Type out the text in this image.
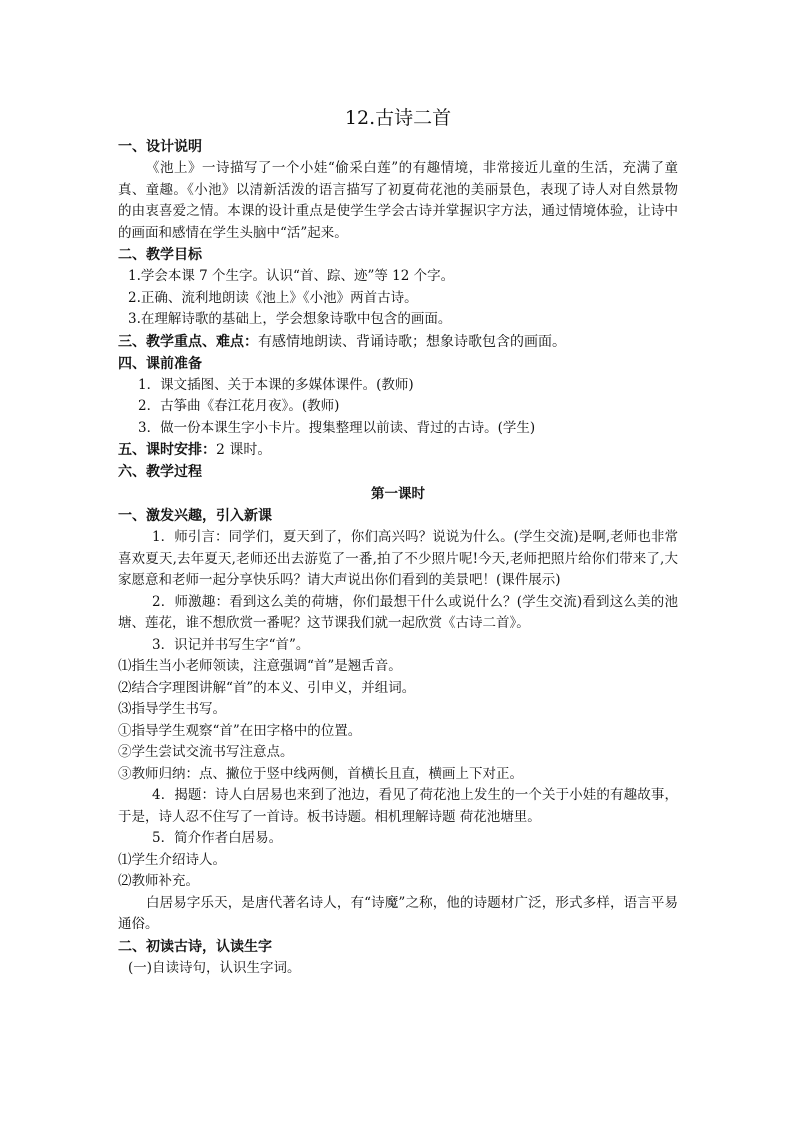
12.古诗二首

一、设计说明

《池上》一诗描写了一个小娃“偷采白莲”的有趣情境，非常接近儿童的生活，充满了童真、童趣。《小池》以清新活泼的语言描写了初夏荷花池的美丽景色，表现了诗人对自然景物的由衷喜爱之情。本课的设计重点是使学生学会古诗并掌握识字方法，通过情境体验，让诗中的画面和感情在学生头脑中“活”起来。

二、教学目标

1.学会本课 7 个生字。认识“首、踪、迹”等 12 个字。

2.正确、流利地朗读《池上》《小池》两首古诗。

3.在理解诗歌的基础上，学会想象诗歌中包含的画面。

三、教学重点、难点：有感情地朗读、背诵诗歌；想象诗歌包含的画面。

四、课前准备

1．课文插图、关于本课的多媒体课件。(教师)

2．古筝曲《春江花月夜》。(教师)

3．做一份本课生字小卡片。搜集整理以前读、背过的古诗。(学生)

五、课时安排：2 课时。

六、教学过程

第一课时

一、激发兴趣，引入新课

1．师引言：同学们，夏天到了，你们高兴吗？说说为什么。(学生交流)是啊,老师也非常喜欢夏天,去年夏天,老师还出去游览了一番,拍了不少照片呢!今天,老师把照片给你们带来了,大家愿意和老师一起分享快乐吗？请大声说出你们看到的美景吧！(课件展示)

2．师激趣：看到这么美的荷塘，你们最想干什么或说什么？(学生交流)看到这么美的池塘、莲花，谁不想欣赏一番呢？这节课我们就一起欣赏《古诗二首》。

3．识记并书写生字“首”。

⑴指生当小老师领读，注意强调“首”是翘舌音。

⑵结合字理图讲解“首”的本义、引申义，并组词。

⑶指导学生书写。

①指导学生观察“首”在田字格中的位置。

②学生尝试交流书写注意点。

③教师归纳：点、撇位于竖中线两侧，首横长且直，横画上下对正。

4．揭题：诗人白居易也来到了池边，看见了荷花池上发生的一个关于小娃的有趣故事，于是，诗人忍不住写了一首诗。板书诗题。相机理解诗题 荷花池塘里。

5．简介作者白居易。

⑴学生介绍诗人。

⑵教师补充。

白居易字乐天，是唐代著名诗人，有“诗魔”之称，他的诗题材广泛，形式多样，语言平易通俗。

二、初读古诗，认读生字

(一)自读诗句，认识生字词。
